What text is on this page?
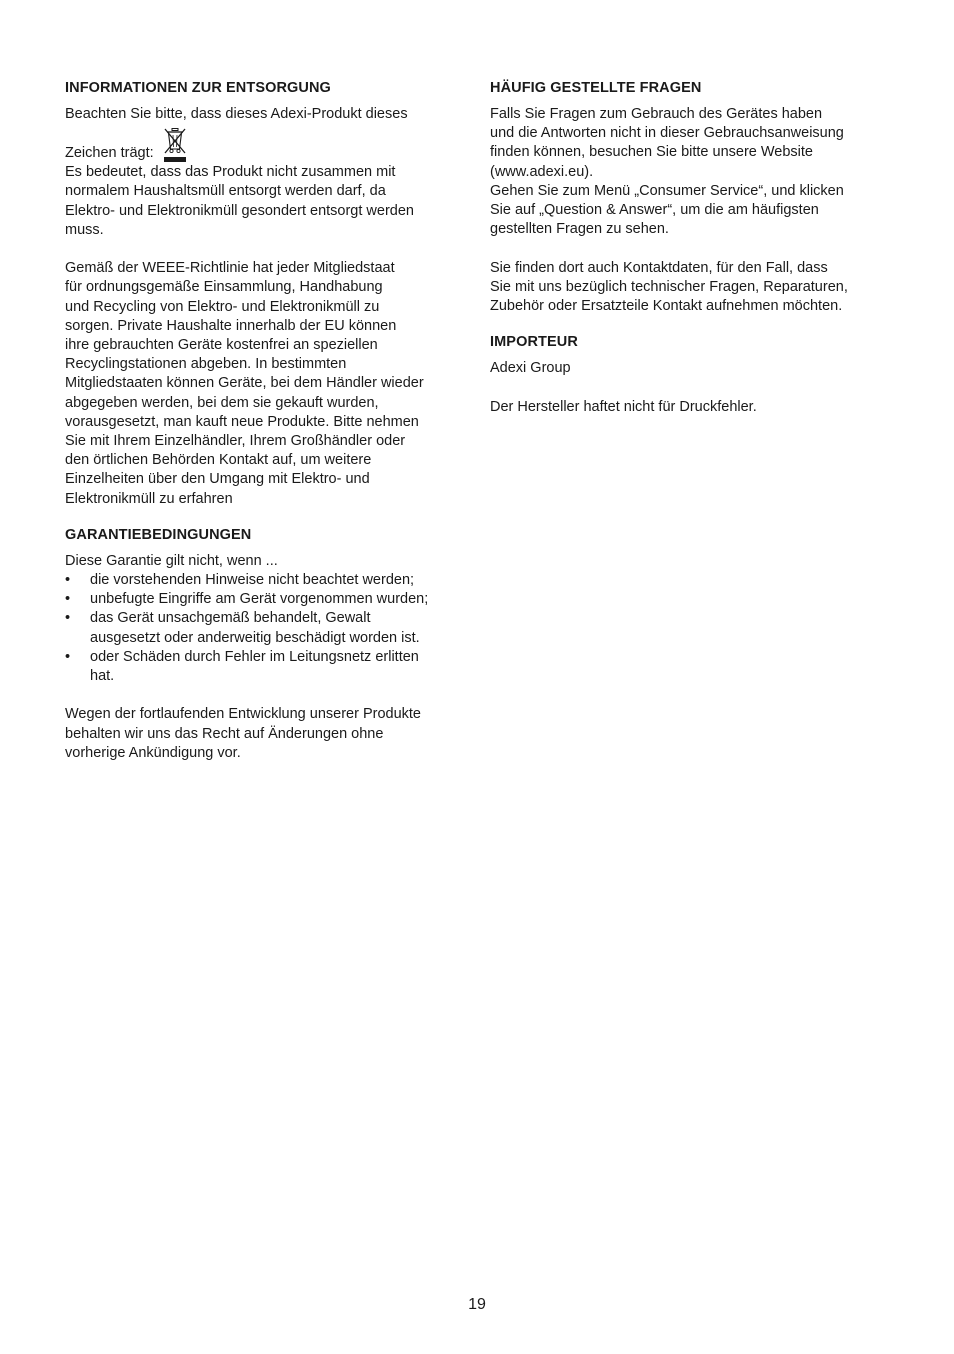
INFORMATIONEN ZUR ENTSORGUNG

Beachten Sie bitte, dass dieses Adexi-Produkt dieses

Zeichen trägt:

Es bedeutet, dass das Produkt nicht zusammen mit
normalem Haushaltsmüll entsorgt werden darf, da
Elektro- und Elektronikmüll gesondert entsorgt werden
muss.

Gemäß der WEEE-Richtlinie hat jeder Mitgliedstaat
für ordnungsgemäße Einsammlung, Handhabung
und Recycling von Elektro- und Elektronikmüll zu
sorgen. Private Haushalte innerhalb der EU können
ihre gebrauchten Geräte kostenfrei an speziellen
Recyclingstationen abgeben. In bestimmten
Mitgliedstaaten können Geräte, bei dem Händler wieder
abgegeben werden, bei dem sie gekauft wurden,
vorausgesetzt, man kauft neue Produkte. Bitte nehmen
Sie mit Ihrem Einzelhändler, Ihrem Großhändler oder
den örtlichen Behörden Kontakt auf, um weitere
Einzelheiten über den Umgang mit Elektro- und
Elektronikmüll zu erfahren

GARANTIEBEDINGUNGEN

Diese Garantie gilt nicht, wenn ...

• die vorstehenden Hinweise nicht beachtet werden;
• unbefugte Eingriffe am Gerät vorgenommen wurden;
• das Gerät unsachgemäß behandelt, Gewalt
ausgesetzt oder anderweitig beschädigt worden ist.
• oder Schäden durch Fehler im Leitungsnetz erlitten
hat.

Wegen der fortlaufenden Entwicklung unserer Produkte
behalten wir uns das Recht auf Änderungen ohne
vorherige Ankündigung vor.

HÄUFIG GESTELLTE FRAGEN

Falls Sie Fragen zum Gebrauch des Gerätes haben
und die Antworten nicht in dieser Gebrauchsanweisung
finden können, besuchen Sie bitte unsere Website
(www.adexi.eu).
Gehen Sie zum Menü „Consumer Service“, und klicken
Sie auf „Question & Answer“, um die am häufigsten
gestellten Fragen zu sehen.

Sie finden dort auch Kontaktdaten, für den Fall, dass
Sie mit uns bezüglich technischer Fragen, Reparaturen,
Zubehör oder Ersatzteile Kontakt aufnehmen möchten.

IMPORTEUR

Adexi Group

Der Hersteller haftet nicht für Druckfehler.

19
